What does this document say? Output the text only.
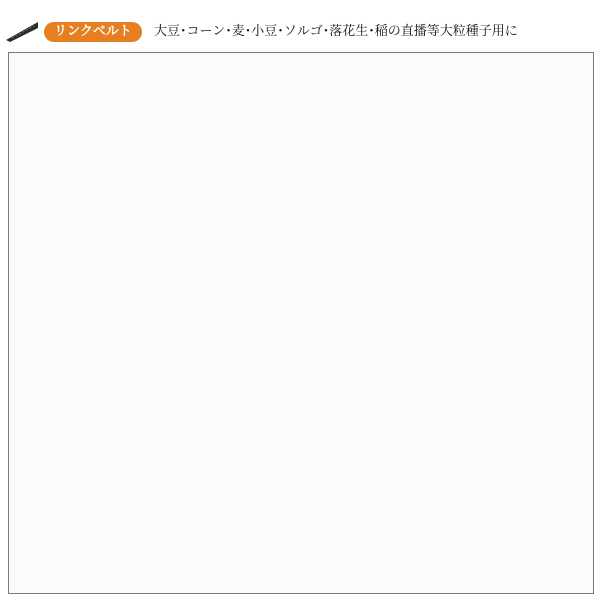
リンクベルト	大豆･コーン･麦･小豆･ソルゴ･落花生･稲の直播等大粒種子用に
